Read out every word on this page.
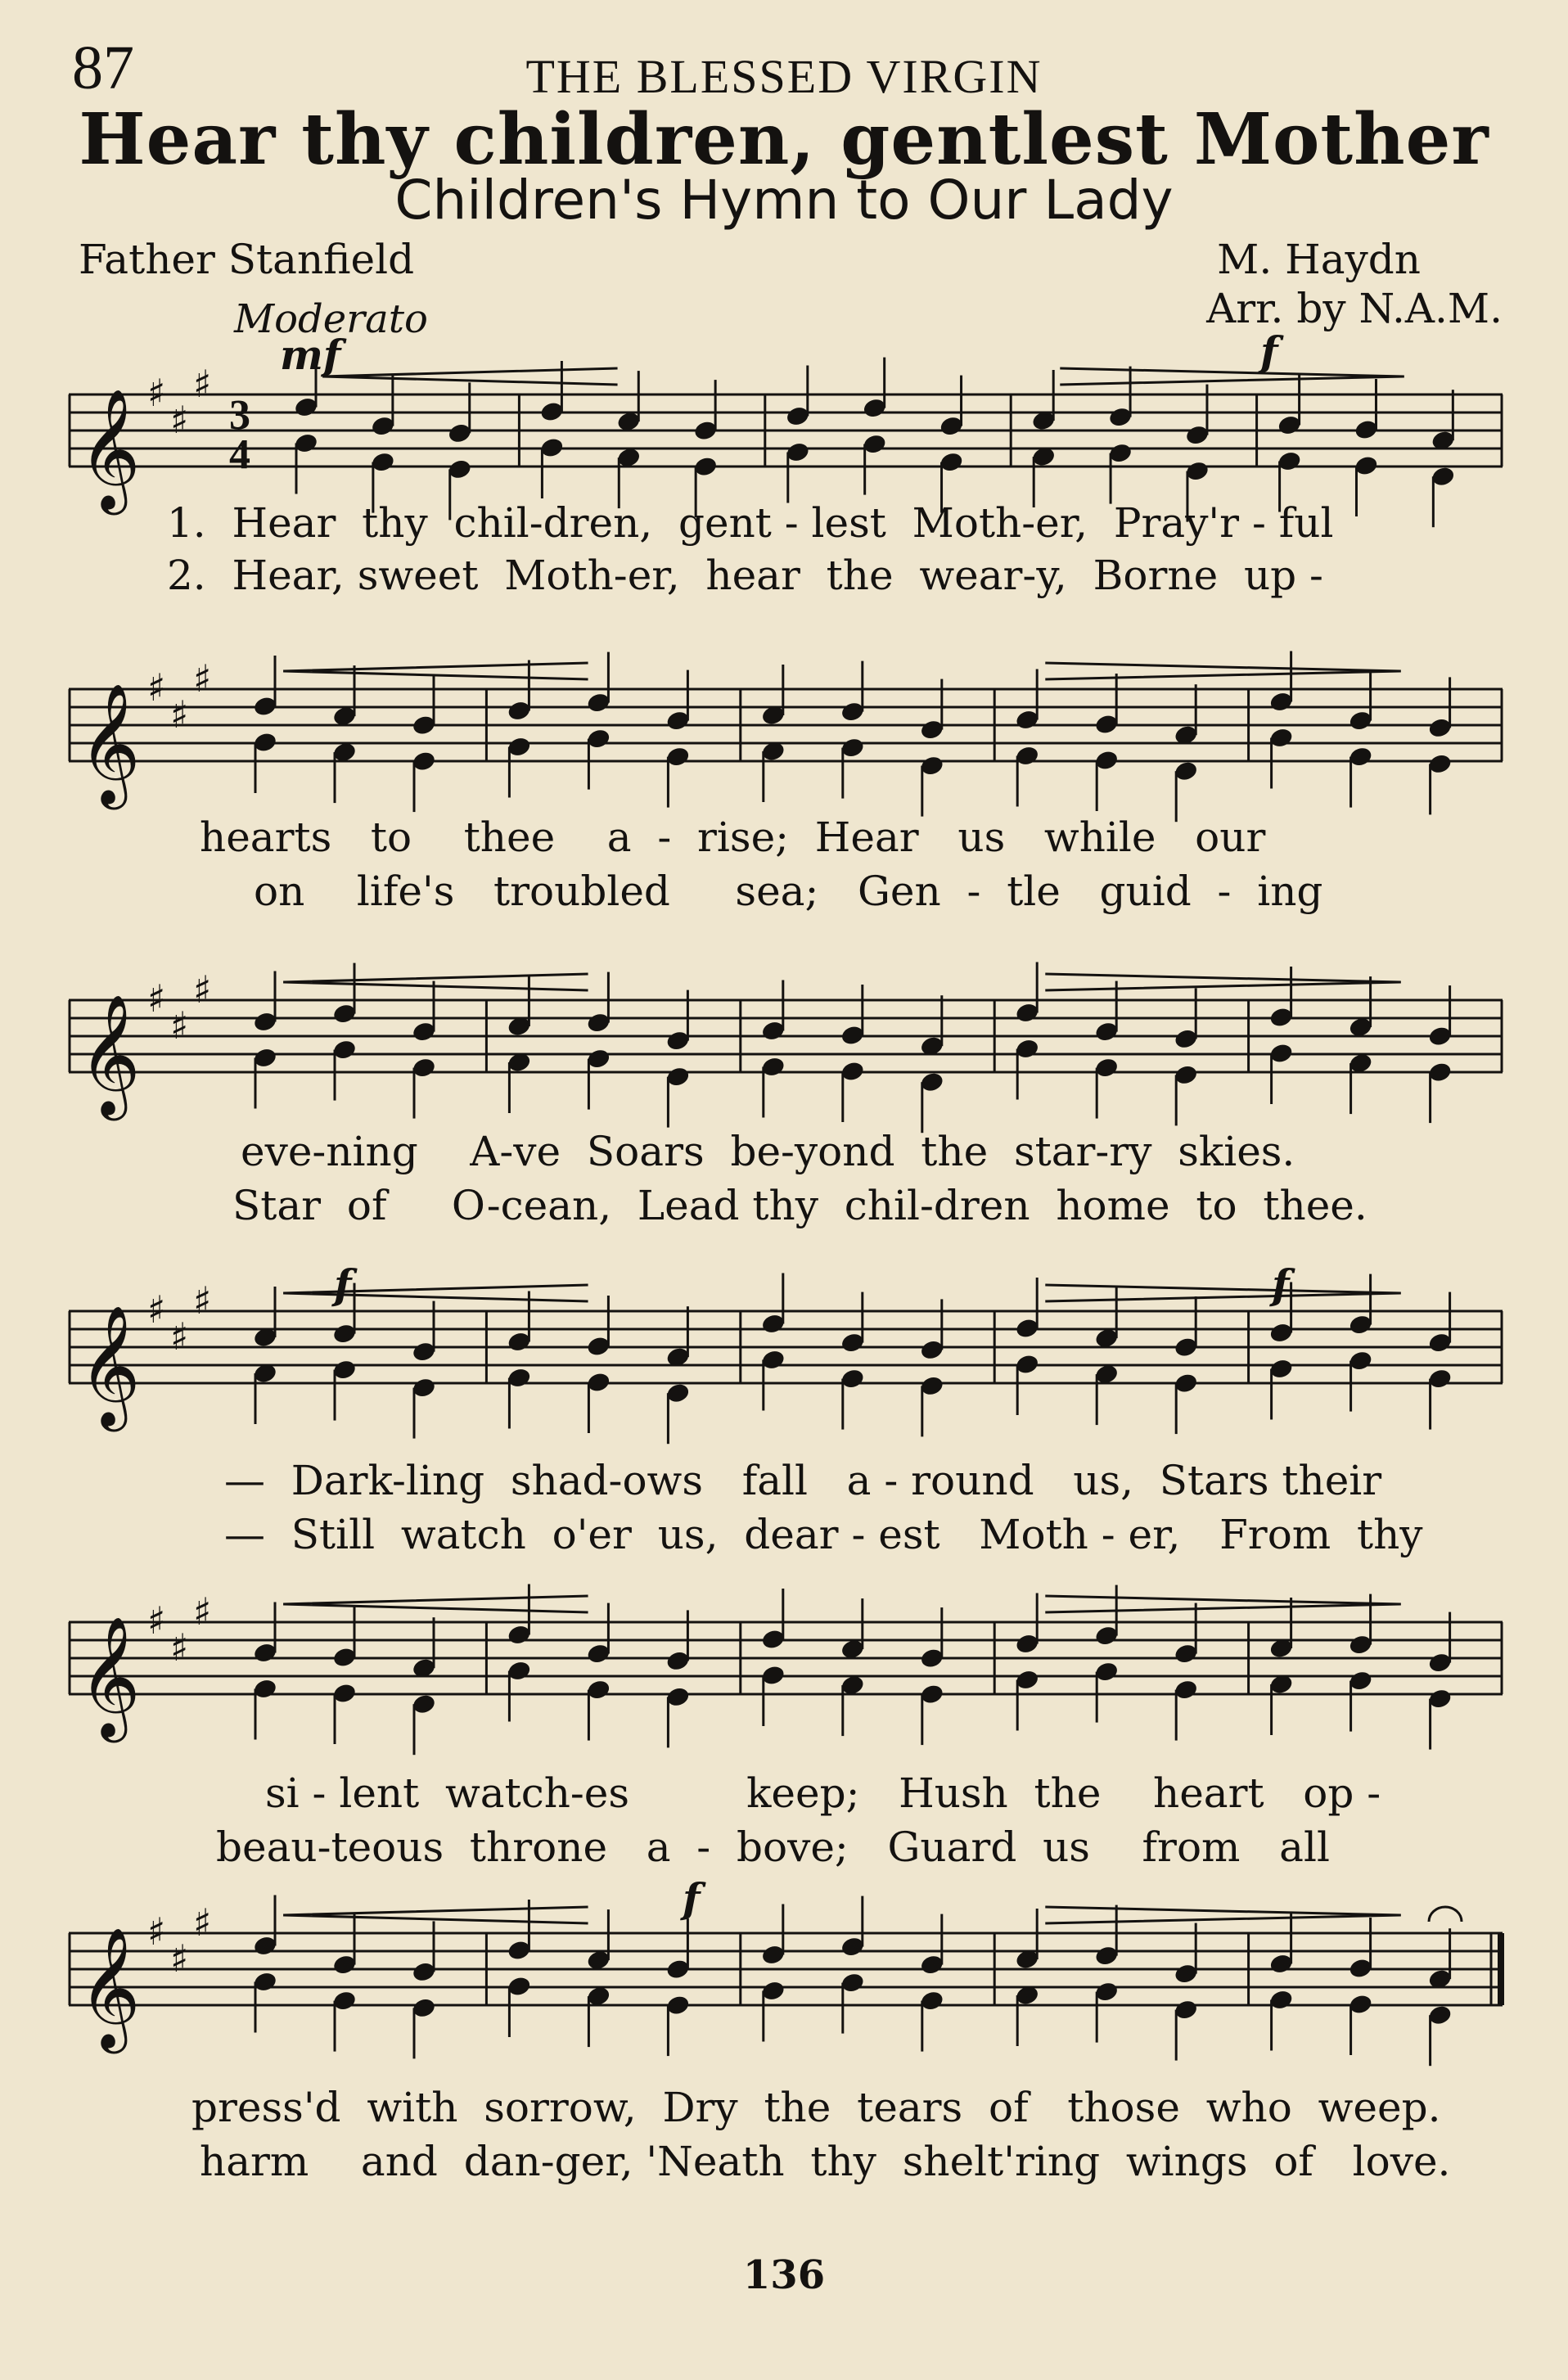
87	THE BLESSED VIRGIN
Hear thy children, gentlest Mother
Children's Hymn to Our Lady
Father Stanfield	M. Haydn
Arr. by N.A.M.
Moderato
mf
𝄞 ♯
♯
♯
3
4
1.  Hear  thy  chil-dren,  gent - lest  Moth-er,  Pray'r - ful
2.  Hear, sweet  Moth-er,  hear  the  wear-y,  Borne  up -
f
𝄞 ♯
♯
♯
hearts   to    thee    a  -  rise;  Hear   us   while   our
on    life's   troubled     sea;   Gen  -  tle   guid  -  ing
𝄞 ♯
♯
♯
eve-ning    A-ve  Soars  be-yond  the  star-ry  skies.
Star  of     O-cean,  Lead thy  chil-dren  home  to  thee.
𝄞 ♯
♯
♯
—  Dark-ling  shad-ows   fall   a - round   us,  Stars their
—  Still  watch  o'er  us,  dear - est   Moth - er,   From  thy
f	f
𝄞 ♯
♯
♯
si - lent  watch-es         keep;   Hush  the    heart   op -
beau-teous  throne   a  -  bove;   Guard  us    from   all
𝄞 ♯
♯
♯
press'd  with  sorrow,  Dry  the  tears  of   those  who  weep.
harm    and  dan-ger, 'Neath  thy  shelt'ring  wings  of   love.
f
136
